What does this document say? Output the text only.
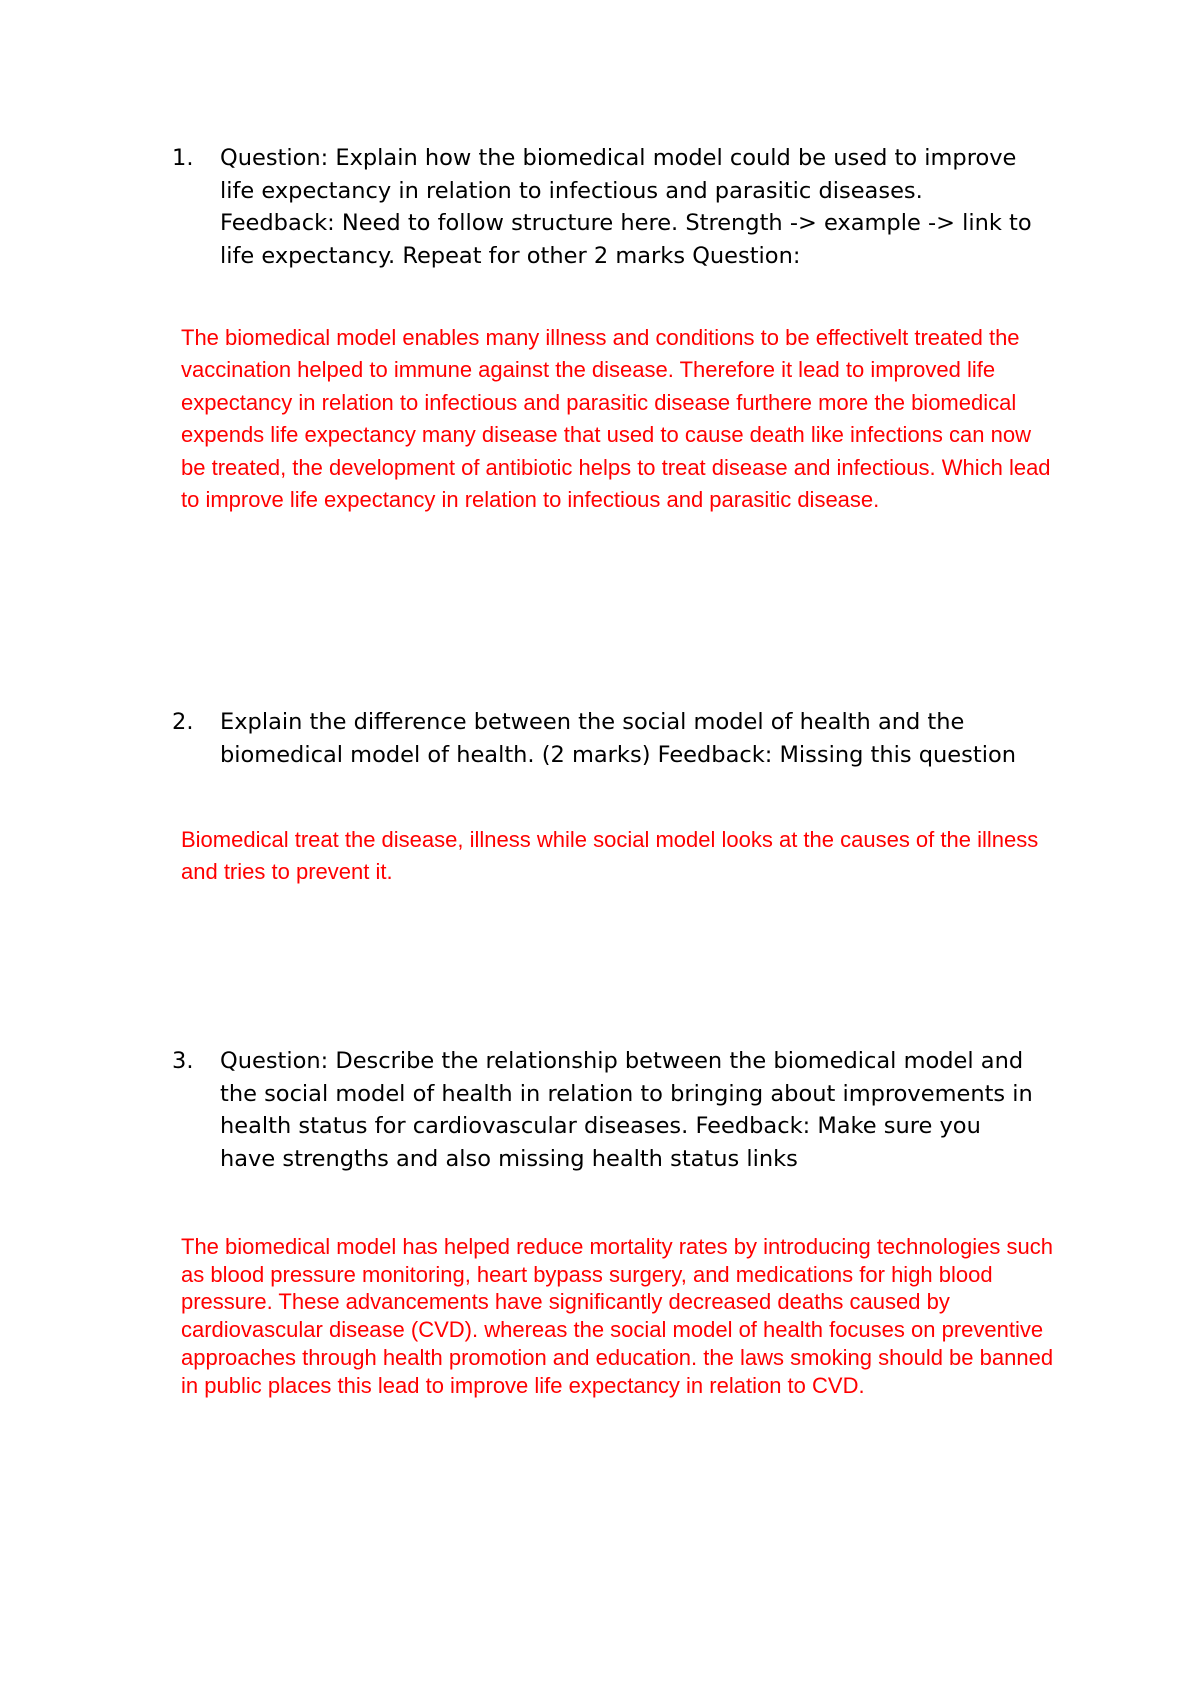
1.	Question: Explain how the biomedical model could be used to improve life expectancy in relation to infectious and parasitic diseases. Feedback: Need to follow structure here. Strength -> example -> link to life expectancy. Repeat for other 2 marks Question:

The biomedical model enables many illness and conditions to be effectivelt treated the vaccination helped to immune against the disease. Therefore it lead to improved life expectancy in relation to infectious and parasitic disease furthere more the biomedical expends life expectancy many disease that used to cause death like infections can now be treated, the development of antibiotic helps to treat disease and infectious. Which lead to improve life expectancy in relation to infectious and parasitic disease.

2.	Explain the difference between the social model of health and the biomedical model of health. (2 marks) Feedback: Missing this question

Biomedical treat the disease, illness while social model looks at the causes of the illness and tries to prevent it.

3.	Question: Describe the relationship between the biomedical model and the social model of health in relation to bringing about improvements in health status for cardiovascular diseases. Feedback: Make sure you have strengths and also missing health status links

The biomedical model has helped reduce mortality rates by introducing technologies such as blood pressure monitoring, heart bypass surgery, and medications for high blood pressure. These advancements have significantly decreased deaths caused by cardiovascular disease (CVD). whereas the social model of health focuses on preventive approaches through health promotion and education. the laws smoking should be banned in public places this lead to improve life expectancy in relation to CVD.
